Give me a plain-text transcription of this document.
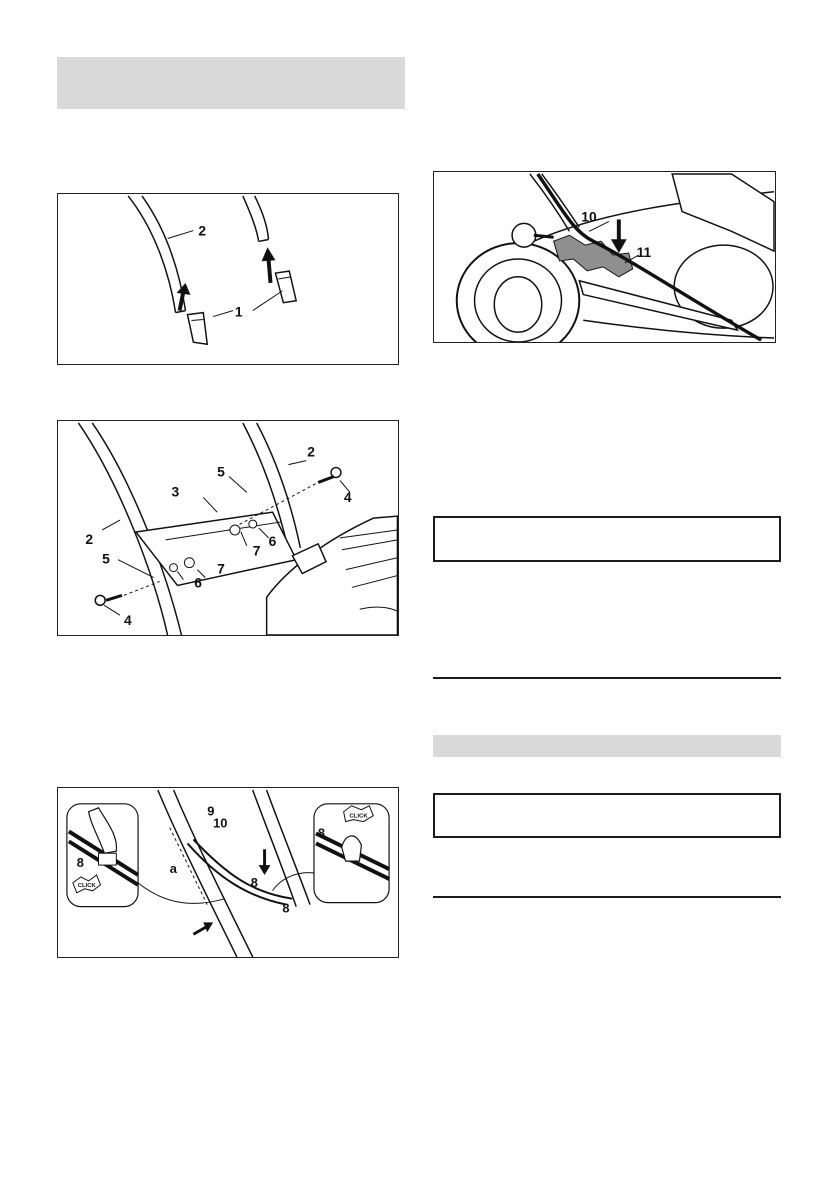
2
1
2
2
3	4
4
5
5
6
6
7
7
CLICK
8
CLICK
8
9
10
a
8
8
10
11
